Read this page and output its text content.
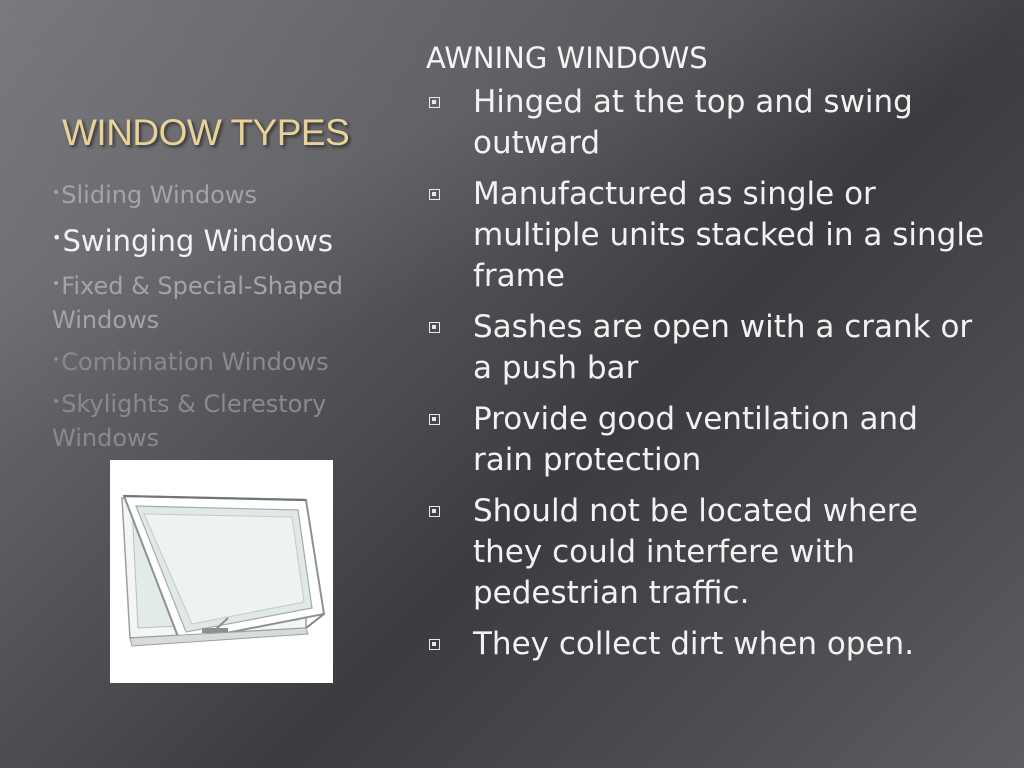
WINDOW TYPES
•Sliding Windows
•Swinging Windows
•Fixed & Special-Shaped Windows
•Combination Windows
•Skylights & Clerestory Windows
AWNING WINDOWS
Hinged at the top and swing outward
Manufactured as single or multiple units stacked in a single frame
Sashes are open with a crank or a push bar
Provide good ventilation and rain protection
Should not be located where they could interfere with pedestrian traffic.
They collect dirt when open.
